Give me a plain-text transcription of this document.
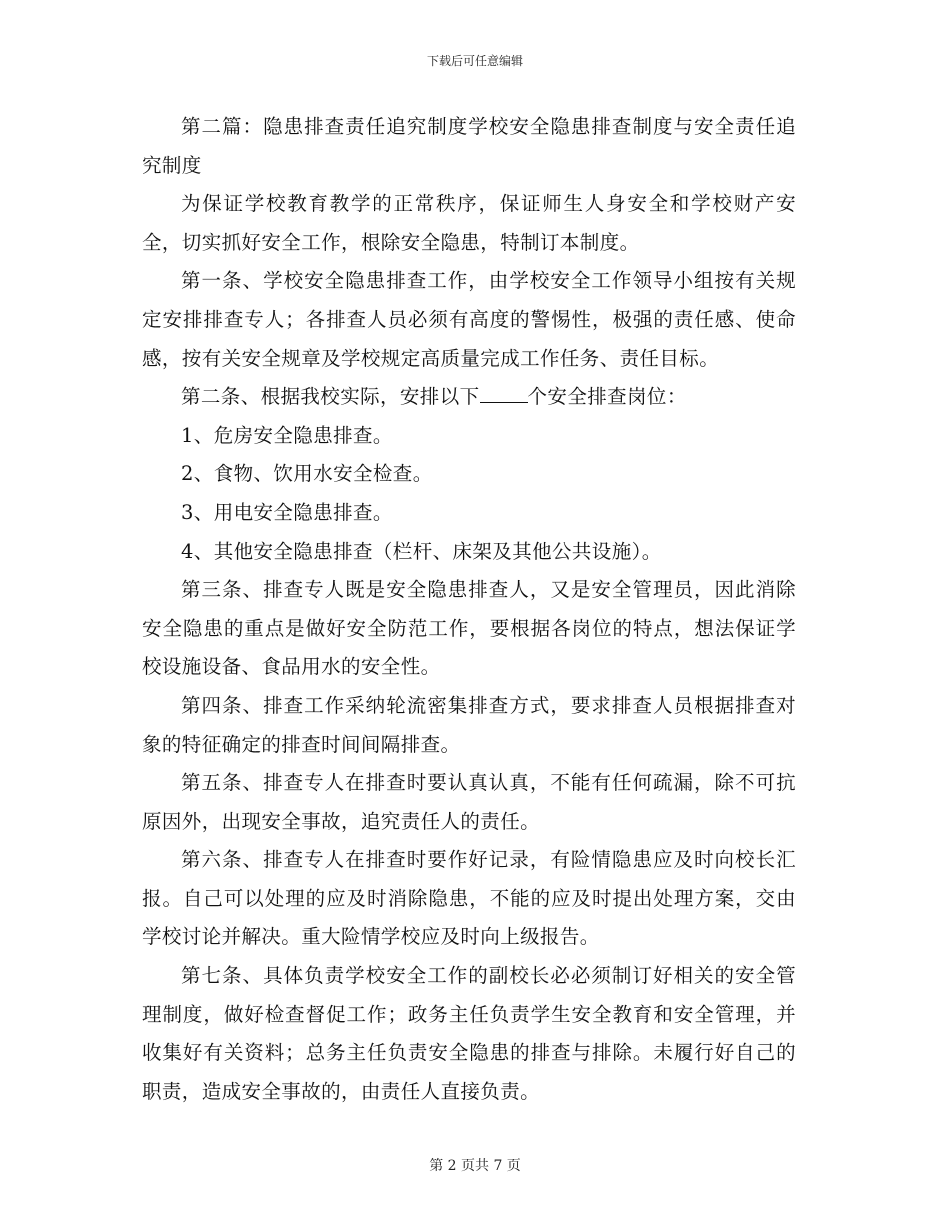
下载后可任意编辑

第二篇：隐患排查责任追究制度学校安全隐患排查制度与安全责任追究制度

为保证学校教育教学的正常秩序，保证师生人身安全和学校财产安全，切实抓好安全工作，根除安全隐患，特制订本制度。

第一条、学校安全隐患排查工作，由学校安全工作领导小组按有关规定安排排查专人；各排查人员必须有高度的警惕性，极强的责任感、使命感，按有关安全规章及学校规定高质量完成工作任务、责任目标。

第二条、根据我校实际，安排以下 个安全排查岗位：

1、危房安全隐患排查。

2、食物、饮用水安全检查。

3、用电安全隐患排查。

4、其他安全隐患排查（栏杆、床架及其他公共设施）。

第三条、排查专人既是安全隐患排查人，又是安全管理员，因此消除安全隐患的重点是做好安全防范工作，要根据各岗位的特点，想法保证学校设施设备、食品用水的安全性。

第四条、排查工作采纳轮流密集排查方式，要求排查人员根据排查对象的特征确定的排查时间间隔排查。

第五条、排查专人在排查时要认真认真，不能有任何疏漏，除不可抗原因外，出现安全事故，追究责任人的责任。

第六条、排查专人在排查时要作好记录，有险情隐患应及时向校长汇报。自己可以处理的应及时消除隐患，不能的应及时提出处理方案，交由学校讨论并解决。重大险情学校应及时向上级报告。

第七条、具体负责学校安全工作的副校长必必须制订好相关的安全管理制度，做好检查督促工作；政务主任负责学生安全教育和安全管理，并收集好有关资料；总务主任负责安全隐患的排查与排除。未履行好自己的职责，造成安全事故的，由责任人直接负责。

第 2 页共 7 页
